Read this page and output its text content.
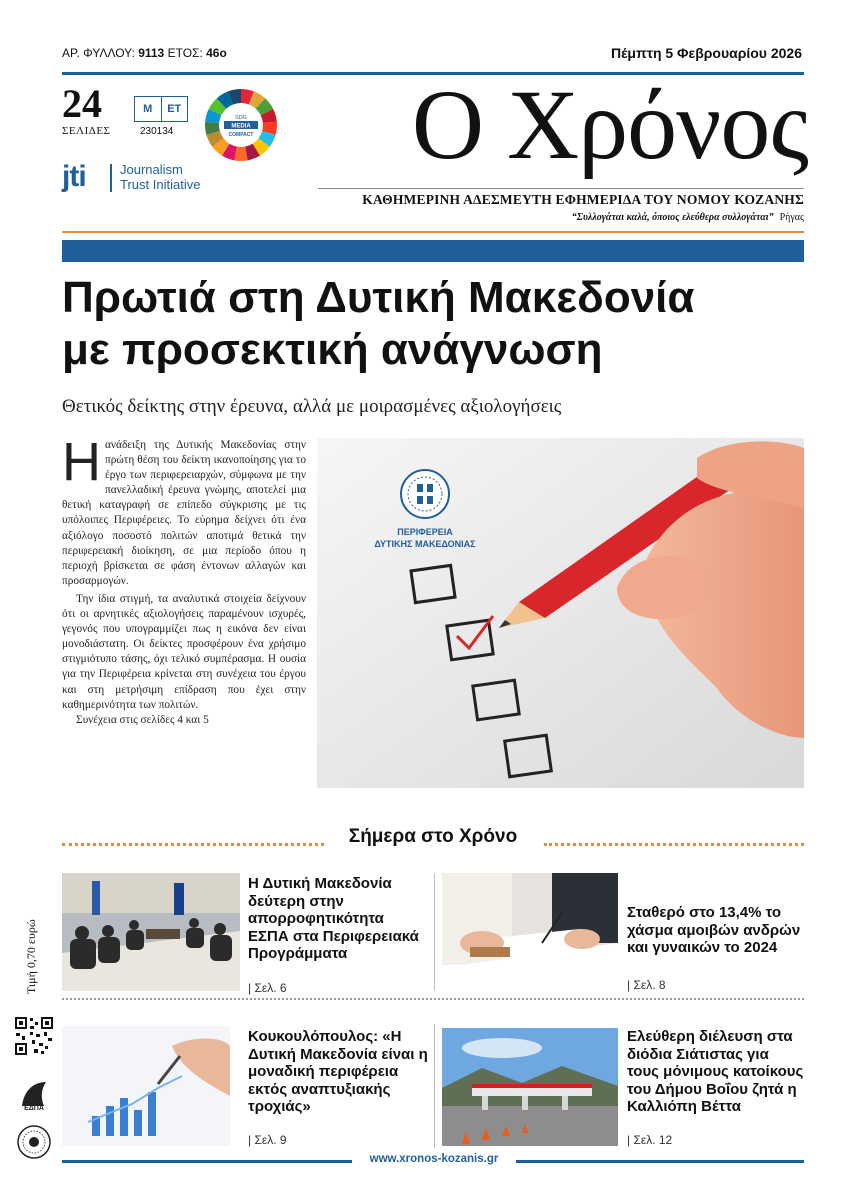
ΑΡ. ΦΥΛΛΟΥ: 9113 ΕΤΟΣ: 46ο	Πέμπτη 5 Φεβρουαρίου 2026
24
ΣΕΛΙΔΕΣ
Μ	ΕΤ
230134
SDG
MEDIA
COMPACT
jti	Journalism
Trust Initiative
Ο Χρόνος
ΚΑΘΗΜΕΡΙΝΗ ΑΔΕΣΜΕΥΤΗ ΕΦΗΜΕΡΙΔΑ ΤΟΥ ΝΟΜΟΥ ΚΟΖΑΝΗΣ
“Συλλογάται καλά, όποιος ελεύθερα συλλογάται” Ρήγας
Πρωτιά στη Δυτική Μακεδονία
με προσεκτική ανάγνωση
Θετικός δείκτης στην έρευνα, αλλά με μοιρασμένες αξιολογήσεις

Ηανάδειξη της Δυτικής Μακεδονίας στην πρώτη θέση του δείκτη ικανοποίησης για το έργο των περιφερειαρχών, σύμφωνα με την πανελλαδική έρευνα γνώμης, αποτελεί μια θετική καταγραφή σε επίπεδο σύγκρισης με τις υπόλοιπες Περιφέρειες. Το εύρημα δείχνει ότι ένα αξιόλογο ποσοστό πολιτών αποτιμά θετικά την περιφερειακή διοίκηση, σε μια περίοδο όπου η περιοχή βρίσκεται σε φάση έντονων αλλαγών και προσαρμογών.

Την ίδια στιγμή, τα αναλυτικά στοιχεία δείχνουν ότι οι αρνητικές αξιολογήσεις παραμένουν ισχυρές, γεγονός που υπογραμμίζει πως η εικόνα δεν είναι μονοδιάστατη. Οι δείκτες προσφέρουν ένα χρήσιμο στιγμιότυπο τάσης, όχι τελικό συμπέρασμα. Η ουσία για την Περιφέρεια κρίνεται στη συνέχεια του έργου και στη μετρήσιμη επίδραση που έχει στην καθημερινότητα των πολιτών.

Συνέχεια στις σελίδες 4 και 5

ΠΕΡΙΦΕΡΕΙΑ
ΔΥΤΙΚΗΣ ΜΑΚΕΔΟΝΙΑΣ
Σήμερα στο Χρόνο
Η Δυτική Μακεδονία δεύτερη στην απορροφητικότητα ΕΣΠΑ στα Περιφερειακά Προγράμματα
| Σελ. 6
Σταθερό στο 13,4% το χάσμα αμοιβών ανδρών και γυναικών το 2024
| Σελ. 8
Κουκουλόπουλος: «Η Δυτική Μακεδονία είναι η μοναδική περιφέρεια εκτός αναπτυξιακής τροχιάς»
| Σελ. 9
Ελεύθερη διέλευση στα διόδια Σιάτιστας για τους μόνιμους κατοίκους του Δήμου Βοΐου ζητά η Καλλιόπη Βέττα
| Σελ. 12
Τιμή 0,70 ευρώ
ΕΔΠΑ
www.xronos-kozanis.gr
